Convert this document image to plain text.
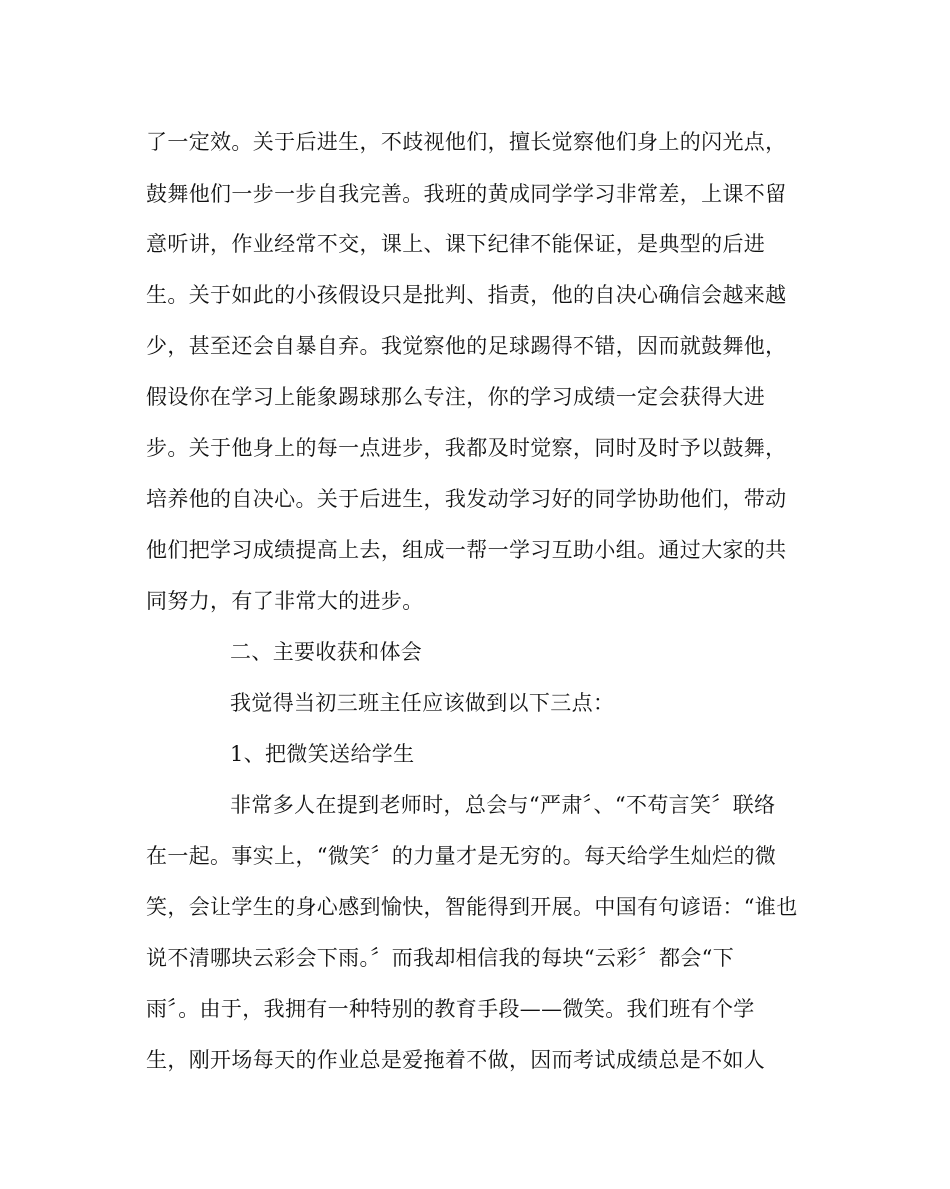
了一定效。关于后进生，不歧视他们，擅长觉察他们身上的闪光点，
鼓舞他们一步一步自我完善。我班的黄成同学学习非常差，上课不留
意听讲，作业经常不交，课上、课下纪律不能保证，是典型的后进
生。关于如此的小孩假设只是批判、指责，他的自决心确信会越来越
少，甚至还会自暴自弃。我觉察他的足球踢得不错，因而就鼓舞他，
假设你在学习上能象踢球那么专注，你的学习成绩一定会获得大进
步。关于他身上的每一点进步，我都及时觉察，同时及时予以鼓舞，
培养他的自决心。关于后进生，我发动学习好的同学协助他们，带动
他们把学习成绩提高上去，组成一帮一学习互助小组。通过大家的共
同努力，有了非常大的进步。
二、主要收获和体会
我觉得当初三班主任应该做到以下三点：
1、把微笑送给学生
非常多人在提到老师时，总会与“严肃〞、“不苟言笑〞联络
在一起。事实上，“微笑〞的力量才是无穷的。每天给学生灿烂的微
笑，会让学生的身心感到愉快，智能得到开展。中国有句谚语：“谁也
说不清哪块云彩会下雨。〞而我却相信我的每块“云彩〞都会“下
雨〞。由于，我拥有一种特别的教育手段——微笑。我们班有个学
生，刚开场每天的作业总是爱拖着不做，因而考试成绩总是不如人
